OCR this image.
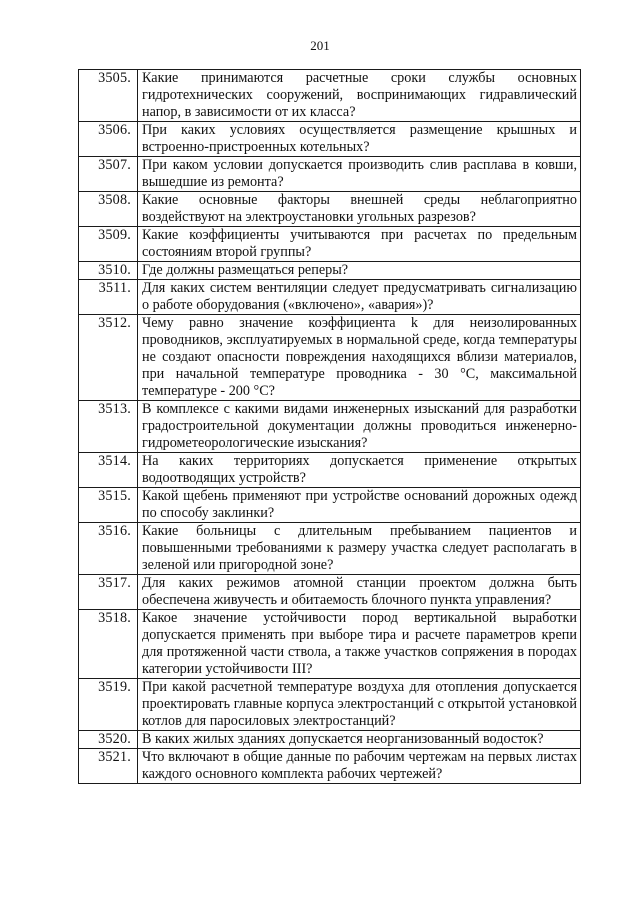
201
3505.	Какие принимаются расчетные сроки службы основных гидротехнических сооружений, воспринимающих гидравлический напор, в зависимости от их класса?
3506.	При каких условиях осуществляется размещение крышных и встроенно-пристроенных котельных?
3507.	При каком условии допускается производить слив расплава в ковши, вышедшие из ремонта?
3508.	Какие основные факторы внешней среды неблагоприятно воздействуют на электроустановки угольных разрезов?
3509.	Какие коэффициенты учитываются при расчетах по предельным состояниям второй группы?
3510.	Где должны размещаться реперы?
3511.	Для каких систем вентиляции следует предусматривать сигнализацию о работе оборудования («включено», «авария»)?
3512.	Чему равно значение коэффициента k для неизолированных проводников, эксплуатируемых в нормальной среде, когда температуры не создают опасности повреждения находящихся вблизи материалов, при начальной температуре проводника - 30 °С, максимальной температуре - 200 °С?
3513.	В комплексе с какими видами инженерных изысканий для разработки градостроительной документации должны проводиться инженерно-гидрометеорологические изыскания?
3514.	На каких территориях допускается применение открытых водоотводящих устройств?
3515.	Какой щебень применяют при устройстве оснований дорожных одежд по способу заклинки?
3516.	Какие больницы с длительным пребыванием пациентов и повышенными требованиями к размеру участка следует располагать в зеленой или пригородной зоне?
3517.	Для каких режимов атомной станции проектом должна быть обеспечена живучесть и обитаемость блочного пункта управления?
3518.	Какое значение устойчивости пород вертикальной выработки допускается применять при выборе тира и расчете параметров крепи для протяженной части ствола, а также участков сопряжения в породах категории устойчивости III?
3519.	При какой расчетной температуре воздуха для отопления допускается проектировать главные корпуса электростанций с открытой установкой котлов для паросиловых электростанций?
3520.	В каких жилых зданиях допускается неорганизованный водосток?
3521.	Что включают в общие данные по рабочим чертежам на первых листах каждого основного комплекта рабочих чертежей?
